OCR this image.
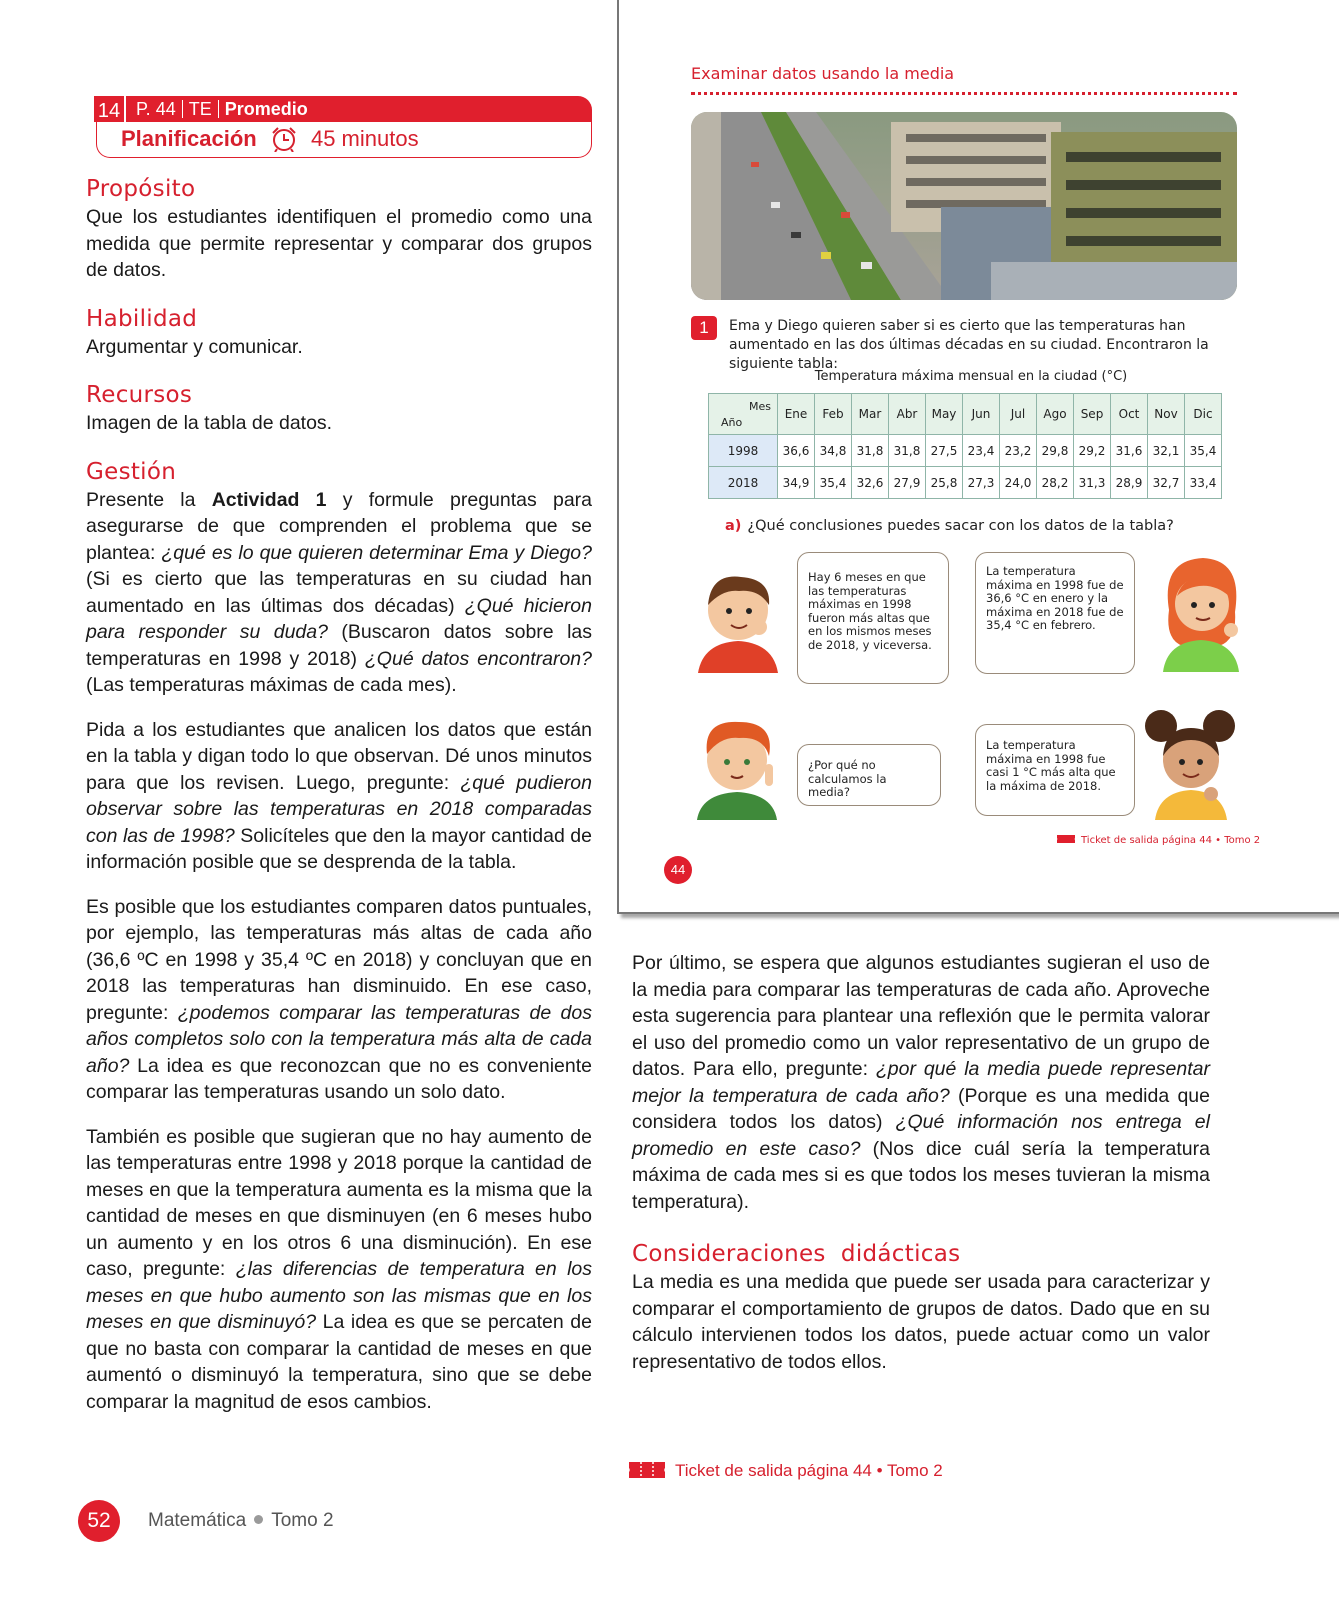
P. 44 TE Promedio
14
Planificación 45 minutos
Propósito

Que los estudiantes identifiquen el promedio como una medida que permite representar y comparar dos grupos de datos.

Habilidad

Argumentar y comunicar.

Recursos

Imagen de la tabla de datos.

Gestión

Presente la Actividad 1 y formule preguntas para asegurarse de que comprenden el problema que se plantea: ¿qué es lo que quieren determinar Ema y Diego? (Si es cierto que las temperaturas en su ciudad han aumentado en las últimas dos décadas) ¿Qué hicieron para responder su duda? (Buscaron datos sobre las temperaturas en 1998 y 2018) ¿Qué datos encontraron? (Las temperaturas máximas de cada mes).

Pida a los estudiantes que analicen los datos que están en la tabla y digan todo lo que observan. Dé unos minutos para que los revisen. Luego, pregunte: ¿qué pudieron observar sobre las temperaturas en 2018 comparadas con las de 1998? Solicíteles que den la mayor cantidad de información posible que se desprenda de la tabla.

Es posible que los estudiantes comparen datos puntuales, por ejemplo, las temperaturas más altas de cada año (36,6 ºC en 1998 y 35,4 ºC en 2018) y concluyan que en 2018 las temperaturas han disminuido. En ese caso, pregunte: ¿podemos comparar las temperaturas de dos años completos solo con la temperatura más alta de cada año? La idea es que reconozcan que no es conveniente comparar las temperaturas usando un solo dato.

También es posible que sugieran que no hay aumento de las temperaturas entre 1998 y 2018 porque la cantidad de meses en que la temperatura aumenta es la misma que la cantidad de meses en que disminuyen (en 6 meses hubo un aumento y en los otros 6 una disminución). En ese caso, pregunte: ¿las diferencias de temperatura en los meses en que hubo aumento son las mismas que en los meses en que disminuyó? La idea es que se percaten de que no basta con comparar la cantidad de meses en que aumentó o disminuyó la temperatura, sino que se debe comparar la magnitud de esos cambios.

52	Matemática Tomo 2
Examinar datos usando la media
1	Ema y Diego quieren saber si es cierto que las temperaturas han aumentado en las dos últimas décadas en su ciudad. Encontraron la siguiente tabla:
Temperatura máxima mensual en la ciudad (°C)
Mes
Año	Ene	Feb	Mar	Abr	May	Jun	Jul	Ago	Sep	Oct	Nov	Dic
1998	36,6	34,8	31,8	31,8	27,5	23,4	23,2	29,8	29,2	31,6	32,1	35,4
2018	34,9	35,4	32,6	27,9	25,8	27,3	24,0	28,2	31,3	28,9	32,7	33,4
a) ¿Qué conclusiones puedes sacar con los datos de la tabla?
Hay 6 meses en que las temperaturas máximas en 1998 fueron más altas que en los mismos meses de 2018, y viceversa.
La temperatura máxima en 1998 fue de 36,6 °C en enero y la máxima en 2018 fue de 35,4 °C en febrero.
¿Por qué no calculamos la media?
La temperatura máxima en 1998 fue casi 1 °C más alta que la máxima de 2018.
Ticket de salida página 44 • Tomo 2
44

Por último, se espera que algunos estudiantes sugieran el uso de la media para comparar las temperaturas de cada año. Aproveche esta sugerencia para plantear una reflexión que le permita valorar el uso del promedio como un valor representativo de un grupo de datos. Para ello, pregunte: ¿por qué la media puede representar mejor la temperatura de cada año? (Porque es una medida que considera todos los datos) ¿Qué información nos entrega el promedio en este caso? (Nos dice cuál sería la temperatura máxima de cada mes si es que todos los meses tuvieran la misma temperatura).

Consideraciones  didácticas

La media es una medida que puede ser usada para caracterizar y comparar el comportamiento de grupos de datos. Dado que en su cálculo intervienen todos los datos, puede actuar como un valor representativo de todos ellos.

Ticket de salida página 44 • Tomo 2
